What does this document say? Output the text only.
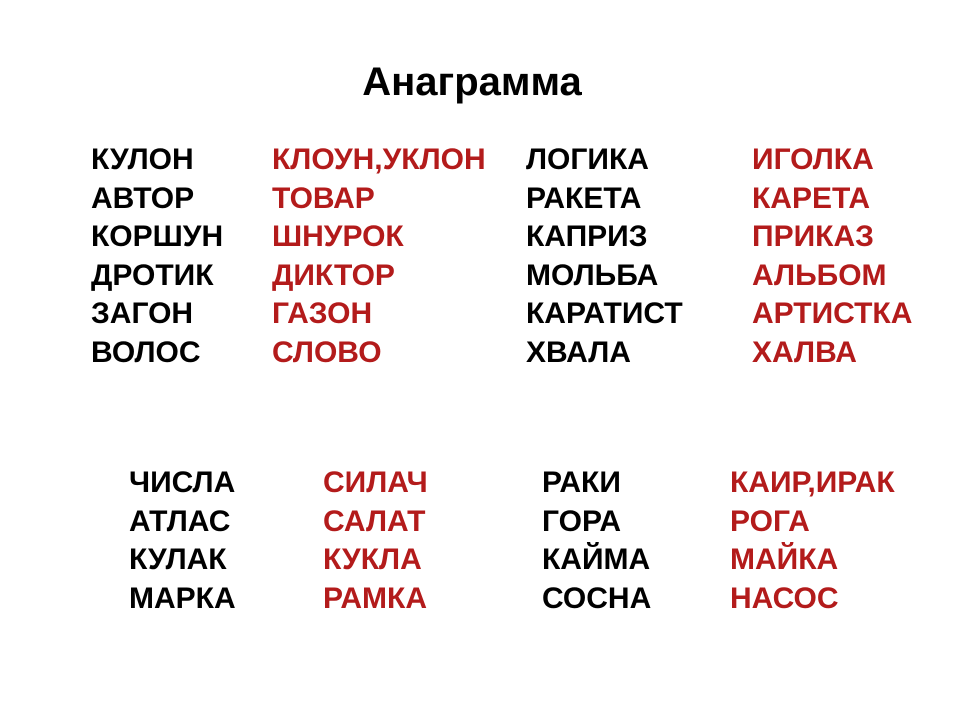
Анаграмма
КУЛОН
АВТОР
КОРШУН
ДРОТИК
ЗАГОН
ВОЛОС
КЛОУН,УКЛОН
ТОВАР
ШНУРОК
ДИКТОР
ГАЗОН
СЛОВО
ЛОГИКА
РАКЕТА
КАПРИЗ
МОЛЬБА
КАРАТИСТ
ХВАЛА
ИГОЛКА
КАРЕТА
ПРИКАЗ
АЛЬБОМ
АРТИСТКА
ХАЛВА
ЧИСЛА
АТЛАС
КУЛАК
МАРКА
СИЛАЧ
САЛАТ
КУКЛА
РАМКА
РАКИ
ГОРА
КАЙМА
СОСНА
КАИР,ИРАК
РОГА
МАЙКА
НАСОС
